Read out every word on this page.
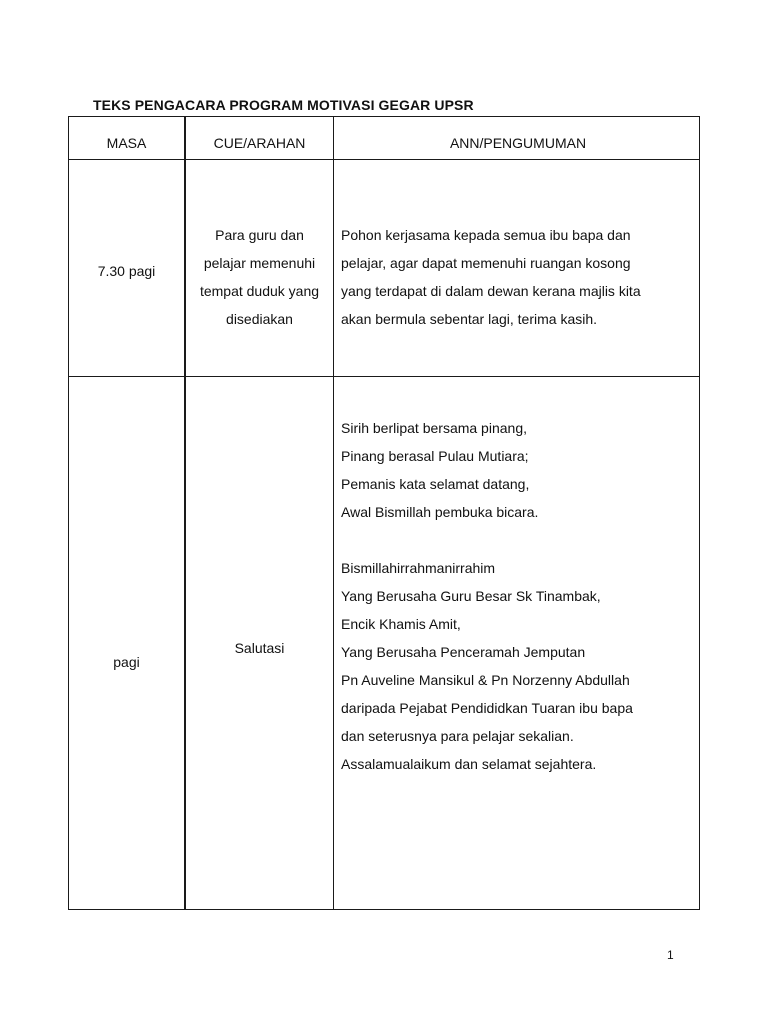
TEKS PENGACARA PROGRAM MOTIVASI GEGAR UPSR
MASA	CUE/ARAHAN	ANN/PENGUMUMAN
7.30 pagi
Para guru dan
pelajar memenuhi
tempat duduk yang
disediakan
Pohon kerjasama kepada semua ibu bapa dan
pelajar, agar dapat memenuhi ruangan kosong
yang terdapat di dalam dewan kerana majlis kita
akan bermula sebentar lagi, terima kasih.
pagi
Salutasi
Sirih berlipat bersama pinang,
Pinang berasal Pulau Mutiara;
Pemanis kata selamat datang,
Awal Bismillah pembuka bicara.
Bismillahirrahmanirrahim
Yang Berusaha Guru Besar Sk Tinambak,
Encik Khamis Amit,
Yang Berusaha Penceramah Jemputan
Pn Auveline Mansikul & Pn Norzenny Abdullah
daripada Pejabat Pendididkan Tuaran ibu bapa
dan seterusnya para pelajar sekalian.
Assalamualaikum dan selamat sejahtera.
1
